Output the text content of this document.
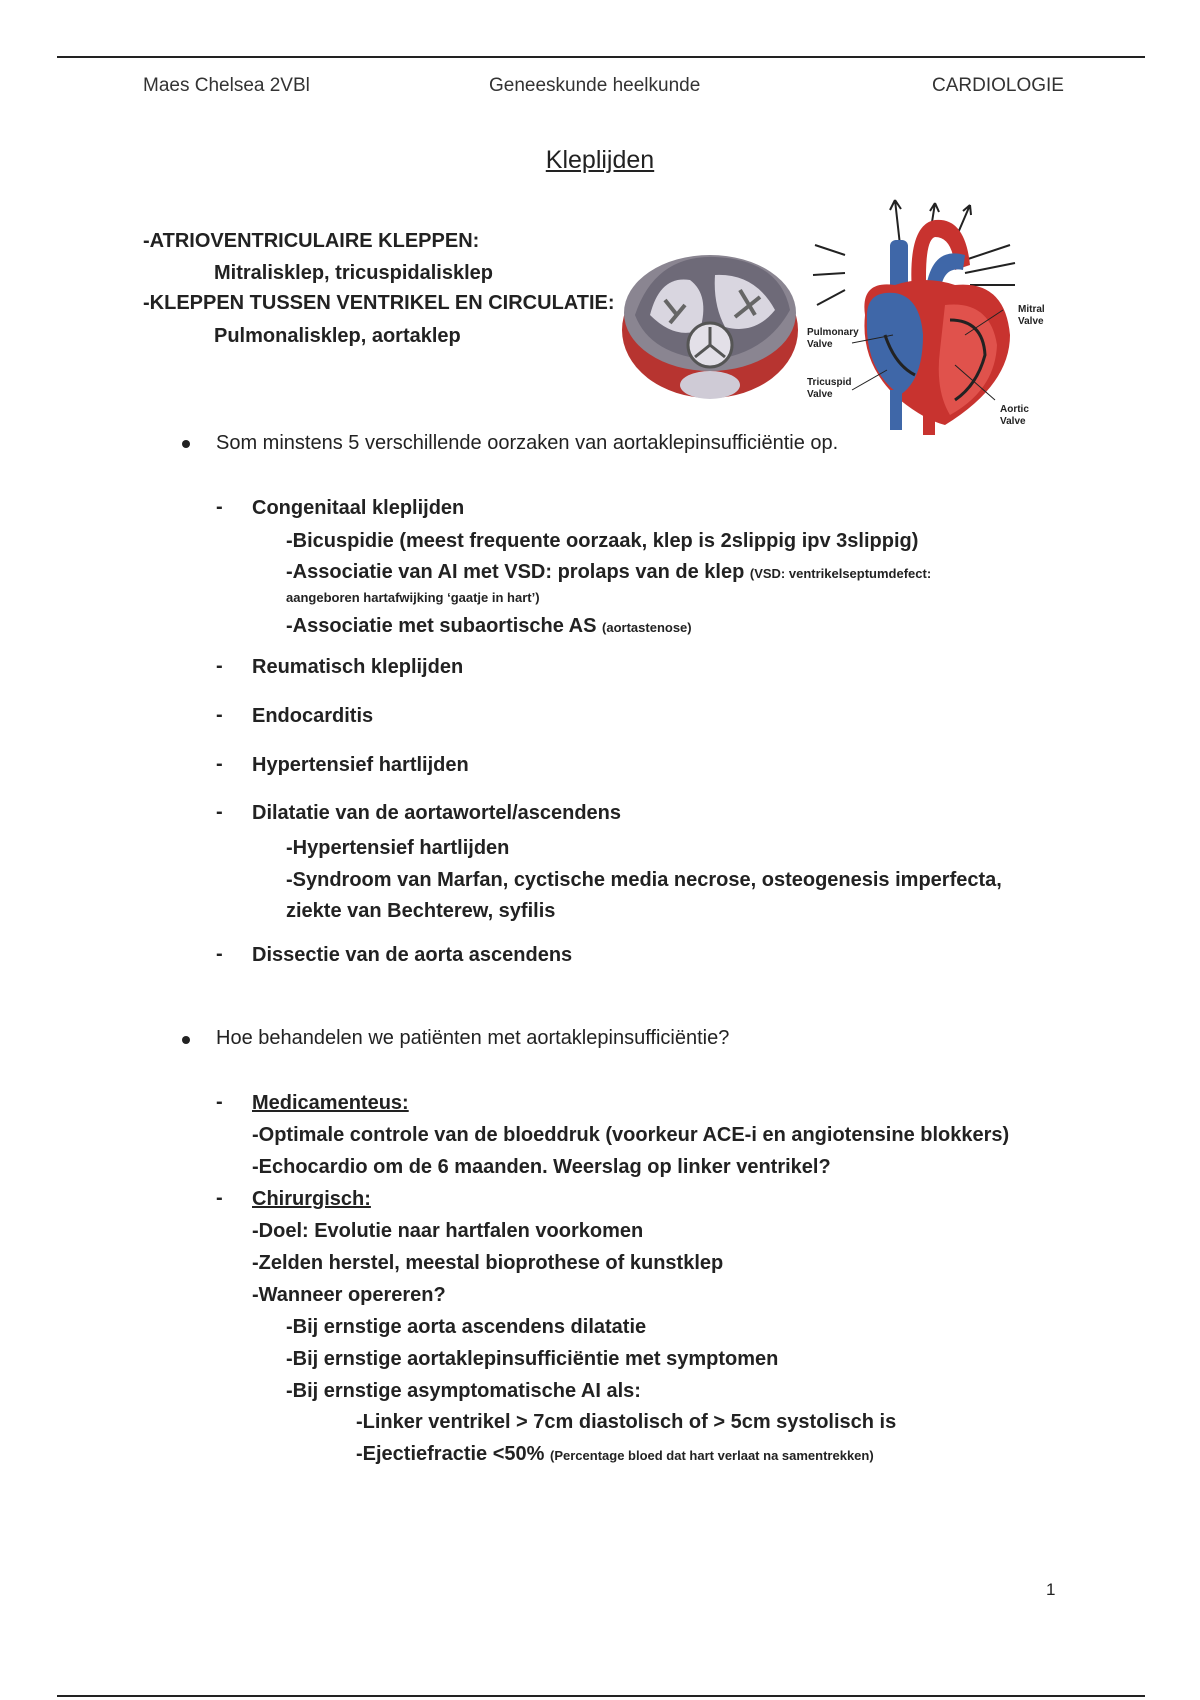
Maes Chelsea 2VBl	Geneeskunde heelkunde	CARDIOLOGIE
Kleplijden
-ATRIOVENTRICULAIRE KLEPPEN:
Mitralisklep, tricuspidalisklep
-KLEPPEN TUSSEN VENTRIKEL EN CIRCULATIE:
Pulmonalisklep, aortaklep	Pulmonary
Valve
Tricuspid
Valve
Mitral
Valve
Aortic
Valve
Som minstens 5 verschillende oorzaken van aortaklepinsufficiëntie op.
- Congenitaal kleplijden
-Bicuspidie (meest frequente oorzaak, klep is 2slippig ipv 3slippig)
-Associatie van AI met VSD: prolaps van de klep (VSD: ventrikelseptumdefect:
aangeboren hartafwijking ‘gaatje in hart’)
-Associatie met subaortische AS (aortastenose)
- Reumatisch kleplijden
- Endocarditis
- Hypertensief hartlijden
- Dilatatie van de aortawortel/ascendens
-Hypertensief hartlijden
-Syndroom van Marfan, cyctische media necrose, osteogenesis imperfecta,
ziekte van Bechterew, syfilis
- Dissectie van de aorta ascendens
Hoe behandelen we patiënten met aortaklepinsufficiëntie?
- Medicamenteus:
-Optimale controle van de bloeddruk (voorkeur ACE-i en angiotensine blokkers)
-Echocardio om de 6 maanden. Weerslag op linker ventrikel?
- Chirurgisch:
-Doel: Evolutie naar hartfalen voorkomen
-Zelden herstel, meestal bioprothese of kunstklep
-Wanneer opereren?
-Bij ernstige aorta ascendens dilatatie
-Bij ernstige aortaklepinsufficiëntie met symptomen
-Bij ernstige asymptomatische AI als:
-Linker ventrikel > 7cm diastolisch of > 5cm systolisch is
-Ejectiefractie <50% (Percentage bloed dat hart verlaat na samentrekken)
1
